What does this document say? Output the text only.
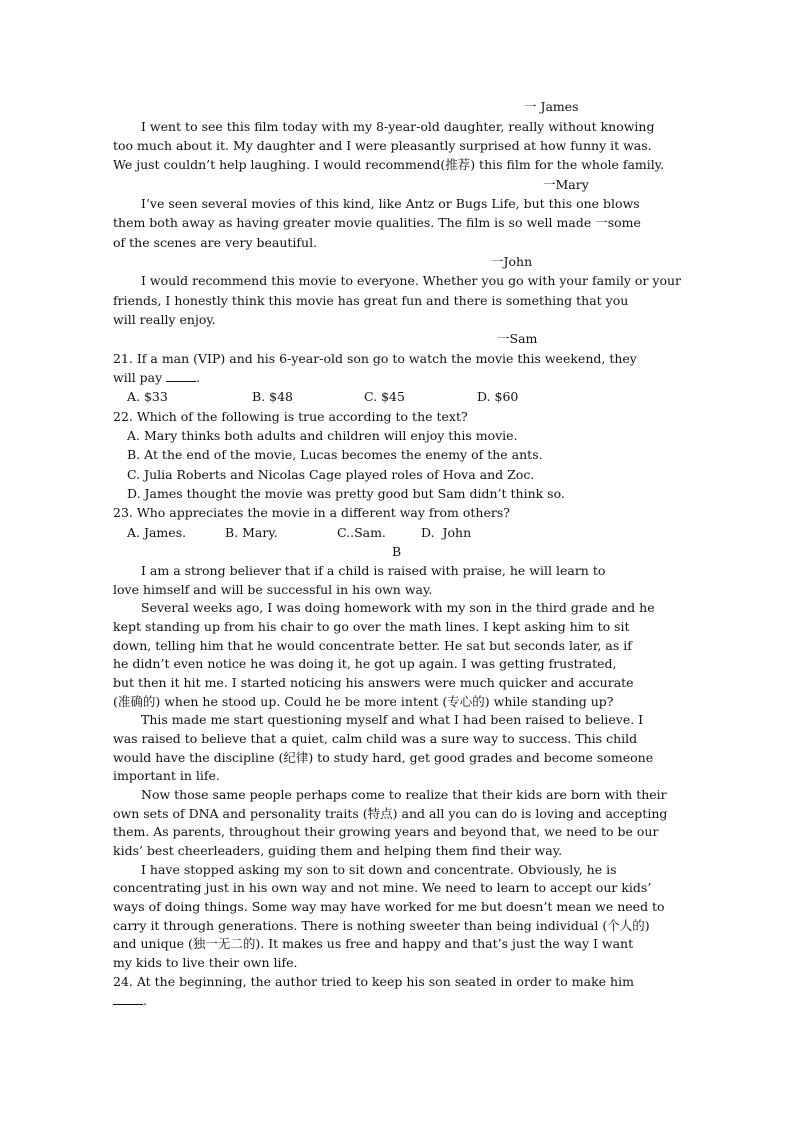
一 James
I went to see this film today with my 8-year-old daughter, really without knowing
too much about it. My daughter and I were pleasantly surprised at how funny it was.
We just couldn’t help laughing. I would recommend(推荐) this film for the whole family.
一Mary
I’ve seen several movies of this kind, like Antz or Bugs Life, but this one blows
them both away as having greater movie qualities. The film is so well made 一some
of the scenes are very beautiful.
一John
I would recommend this movie to everyone. Whether you go with your family or your
friends, I honestly think this movie has great fun and there is something that you
will really enjoy.
一Sam
21. If a man (VIP) and his 6-year-old son go to watch the movie this weekend, they
will pay	.
A. $33	B. $48	C. $45	D. $60
22. Which of the following is true according to the text?
A. Mary thinks both adults and children will enjoy this movie.
B. At the end of the movie, Lucas becomes the enemy of the ants.
C. Julia Roberts and Nicolas Cage played roles of Hova and Zoc.
D. James thought the movie was pretty good but Sam didn’t think so.
23. Who appreciates the movie in a different way from others?
A. James.	B. Mary.	C..Sam.	D.  John
B
I am a strong believer that if a child is raised with praise, he will learn to
love himself and will be successful in his own way.
Several weeks ago, I was doing homework with my son in the third grade and he
kept standing up from his chair to go over the math lines. I kept asking him to sit
down, telling him that he would concentrate better. He sat but seconds later, as if
he didn’t even notice he was doing it, he got up again. I was getting frustrated,
but then it hit me. I started noticing his answers were much quicker and accurate
(准确的) when he stood up. Could he be more intent (专心的) while standing up?
This made me start questioning myself and what I had been raised to believe. I
was raised to believe that a quiet, calm child was a sure way to success. This child
would have the discipline (纪律) to study hard, get good grades and become someone
important in life.
Now those same people perhaps come to realize that their kids are born with their
own sets of DNA and personality traits (特点) and all you can do is loving and accepting
them. As parents, throughout their growing years and beyond that, we need to be our
kids’ best cheerleaders, guiding them and helping them find their way.
I have stopped asking my son to sit down and concentrate. Obviously, he is
concentrating just in his own way and not mine. We need to learn to accept our kids’
ways of doing things. Some way may have worked for me but doesn’t mean we need to
carry it through generations. There is nothing sweeter than being individual (个人的)
and unique (独一无二的). It makes us free and happy and that’s just the way I want
my kids to live their own life.
24. At the beginning, the author tried to keep his son seated in order to make him
.
